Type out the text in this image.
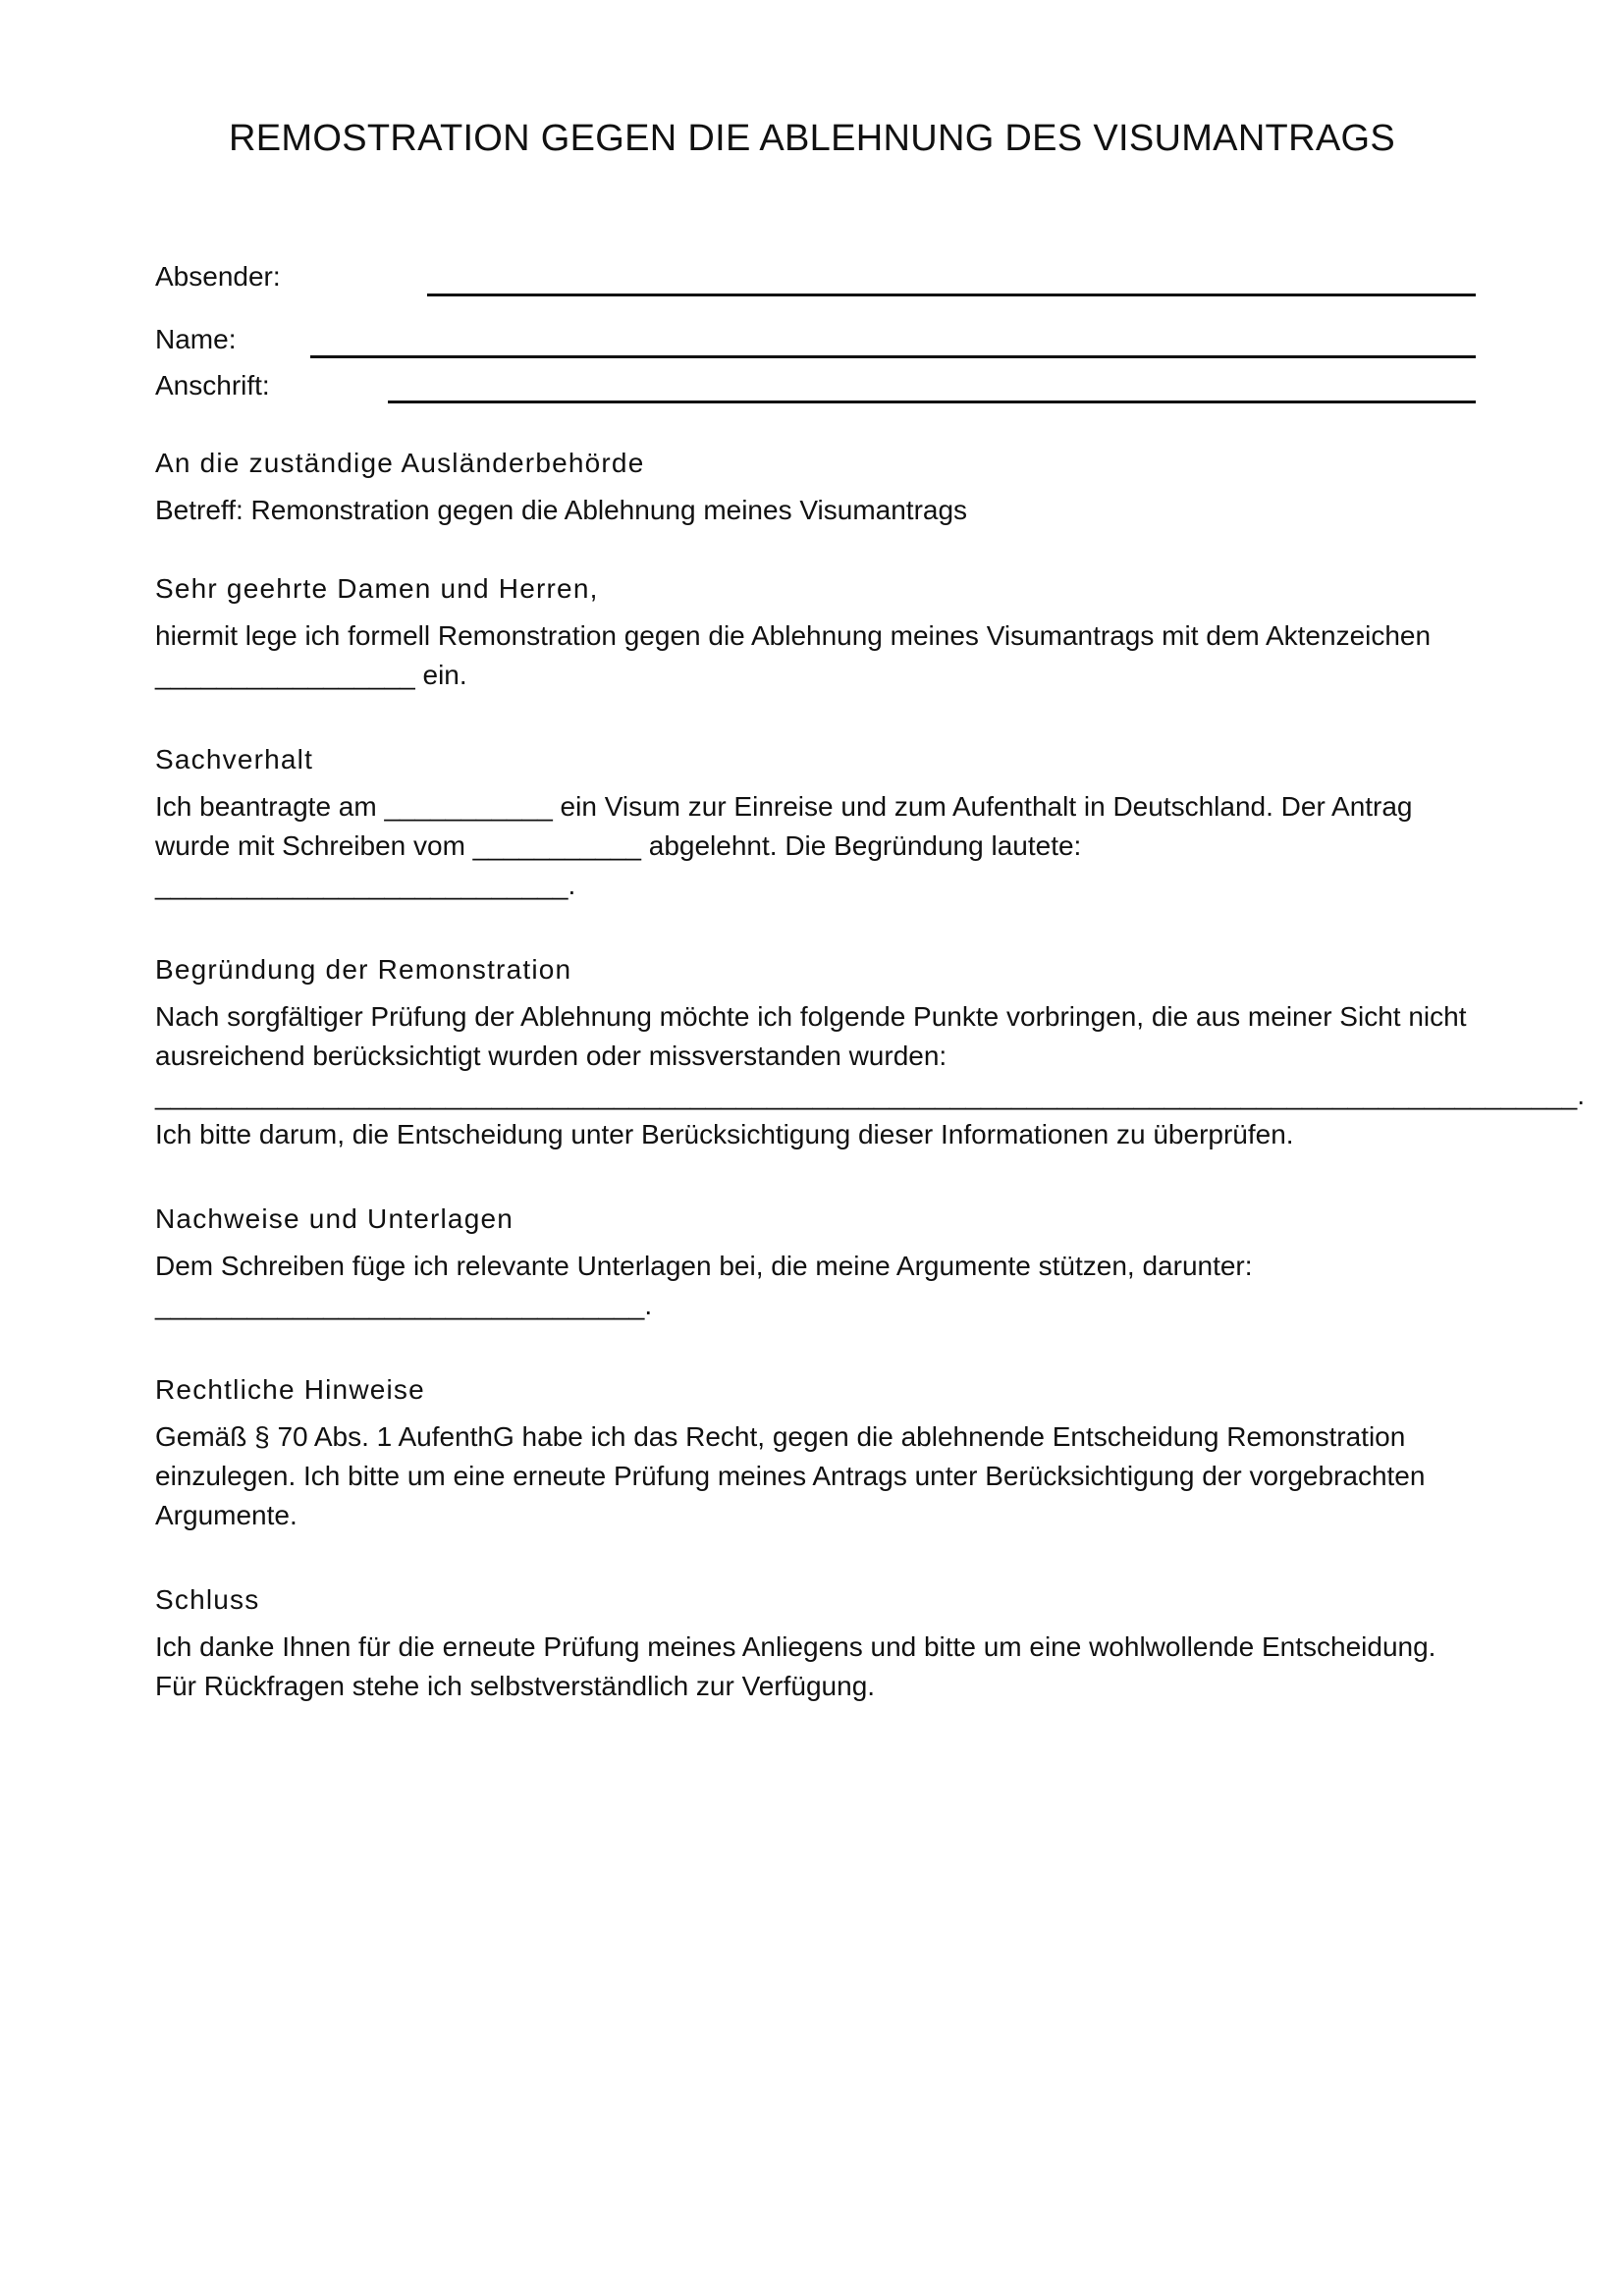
REMOSTRATION GEGEN DIE ABLEHNUNG DES VISUMANTRAGS
Absender:
Name:
Anschrift:
An die zuständige Ausländerbehörde
Betreff: Remonstration gegen die Ablehnung meines Visumantrags
Sehr geehrte Damen und Herren,
hiermit lege ich formell Remonstration gegen die Ablehnung meines Visumantrags mit dem Aktenzeichen
_________________ ein.
Sachverhalt
Ich beantragte am ___________ ein Visum zur Einreise und zum Aufenthalt in Deutschland. Der Antrag
wurde mit Schreiben vom ___________ abgelehnt. Die Begründung lautete:
___________________________.
Begründung der Remonstration
Nach sorgfältiger Prüfung der Ablehnung möchte ich folgende Punkte vorbringen, die aus meiner Sicht nicht
ausreichend berücksichtigt wurden oder missverstanden wurden:
_____________________________________________________________________________________________.
Ich bitte darum, die Entscheidung unter Berücksichtigung dieser Informationen zu überprüfen.
Nachweise und Unterlagen
Dem Schreiben füge ich relevante Unterlagen bei, die meine Argumente stützen, darunter:
________________________________.
Rechtliche Hinweise
Gemäß § 70 Abs. 1 AufenthG habe ich das Recht, gegen die ablehnende Entscheidung Remonstration
einzulegen. Ich bitte um eine erneute Prüfung meines Antrags unter Berücksichtigung der vorgebrachten
Argumente.
Schluss
Ich danke Ihnen für die erneute Prüfung meines Anliegens und bitte um eine wohlwollende Entscheidung.
Für Rückfragen stehe ich selbstverständlich zur Verfügung.
